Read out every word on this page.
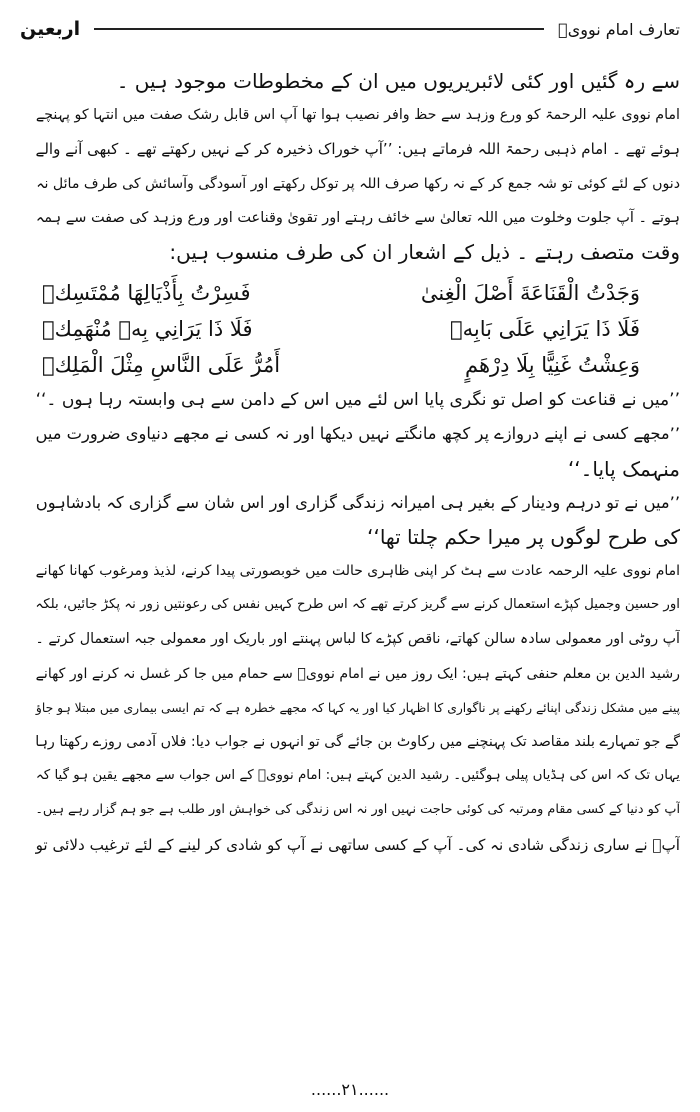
اربعین	تعارف امام نوویؒ
سے رہ گئیں اور کئی لائبریریوں میں ان کے مخطوطات موجود ہیں ۔
امام نووی علیہ الرحمۃ کو ورع وزہد سے حظ وافر نصیب ہوا تھا آپ اس قابل رشک صفت میں انتہا کو پہنچے
ہوئے تھے ۔ امام ذہبی رحمۃ اللہ فرماتے ہیں: ’’آپ خوراک ذخیرہ کر کے نہیں رکھتے تھے ۔ کبھی آنے والے
دنوں کے لئے کوئی تو شہ جمع کر کے نہ رکھا صرف اللہ پر توکل رکھتے اور آسودگی وآسائش کی طرف مائل نہ
ہوتے ۔ آپ جلوت وخلوت میں اللہ تعالیٰ سے خائف رہتے اور تقویٰ وقناعت اور ورع وزہد کی صفت سے ہمہ
وقت متصف رہتے ۔ ذیل کے اشعار ان کی طرف منسوب ہیں:
وَجَدْتُ الْقَنَاعَةَ أَصْلَ الْغِنىٰ
فَسِرْتُ بِأَذْيَالِهَا مُمْتَسِكٖ
فَلَا ذَا يَرَانِي عَلَى بَابِهٖ
فَلَا ذَا يَرَانِي بِهٖ مُنْهَمِكٖ
وَعِشْتُ غَنِيًّا بِلَا دِرْهَمٍ
أَمُرُّ عَلَى النَّاسِ مِثْلَ الْمَلِكٖ
’’میں نے قناعت کو اصل تو نگری پایا اس لئے میں اس کے دامن سے ہی وابستہ رہا ہوں ۔‘‘
’’مجھے کسی نے اپنے دروازے پر کچھ مانگتے نہیں دیکھا اور نہ کسی نے مجھے دنیاوی ضرورت میں
منہمک پایا۔‘‘
’’میں نے تو درہم ودینار کے بغیر ہی امیرانہ زندگی گزاری اور اس شان سے گزاری کہ بادشاہوں
کی طرح لوگوں پر میرا حکم چلتا تھا‘‘
امام نووی علیہ الرحمہ عادت سے ہٹ کر اپنی ظاہری حالت میں خوبصورتی پیدا کرنے، لذیذ ومرغوب کھانا کھانے
اور حسین وجمیل کپڑے استعمال کرنے سے گریز کرتے تھے کہ اس طرح کہیں نفس کی رعونتیں زور نہ پکڑ جائیں، بلکہ
آپ روٹی اور معمولی سادہ سالن کھاتے، ناقص کپڑے کا لباس پہنتے اور باریک اور معمولی جبہ استعمال کرتے ۔
رشید الدین بن معلم حنفی کہتے ہیں: ایک روز میں نے امام نوویؒ سے حمام میں جا کر غسل نہ کرنے اور کھانے
پینے میں مشکل زندگی اپنائے رکھنے پر ناگواری کا اظہار کیا اور یہ کہا کہ مجھے خطرہ ہے کہ تم ایسی بیماری میں مبتلا ہو جاؤ
گے جو تمہارے بلند مقاصد تک پہنچنے میں رکاوٹ بن جائے گی تو انہوں نے جواب دیا: فلاں آدمی روزے رکھتا رہا
یہاں تک کہ اس کی ہڈیاں پیلی ہوگئیں۔ رشید الدین کہتے ہیں: امام نوویؒ کے اس جواب سے مجھے یقین ہو گیا کہ
آپ کو دنیا کے کسی مقام ومرتبہ کی کوئی حاجت نہیں اور نہ اس زندگی کی خواہش اور طلب ہے جو ہم گزار رہے ہیں۔
آپؒ نے ساری زندگی شادی نہ کی۔ آپ کے کسی ساتھی نے آپ کو شادی کر لینے کے لئے ترغیب دلائی تو
......۲۱......
